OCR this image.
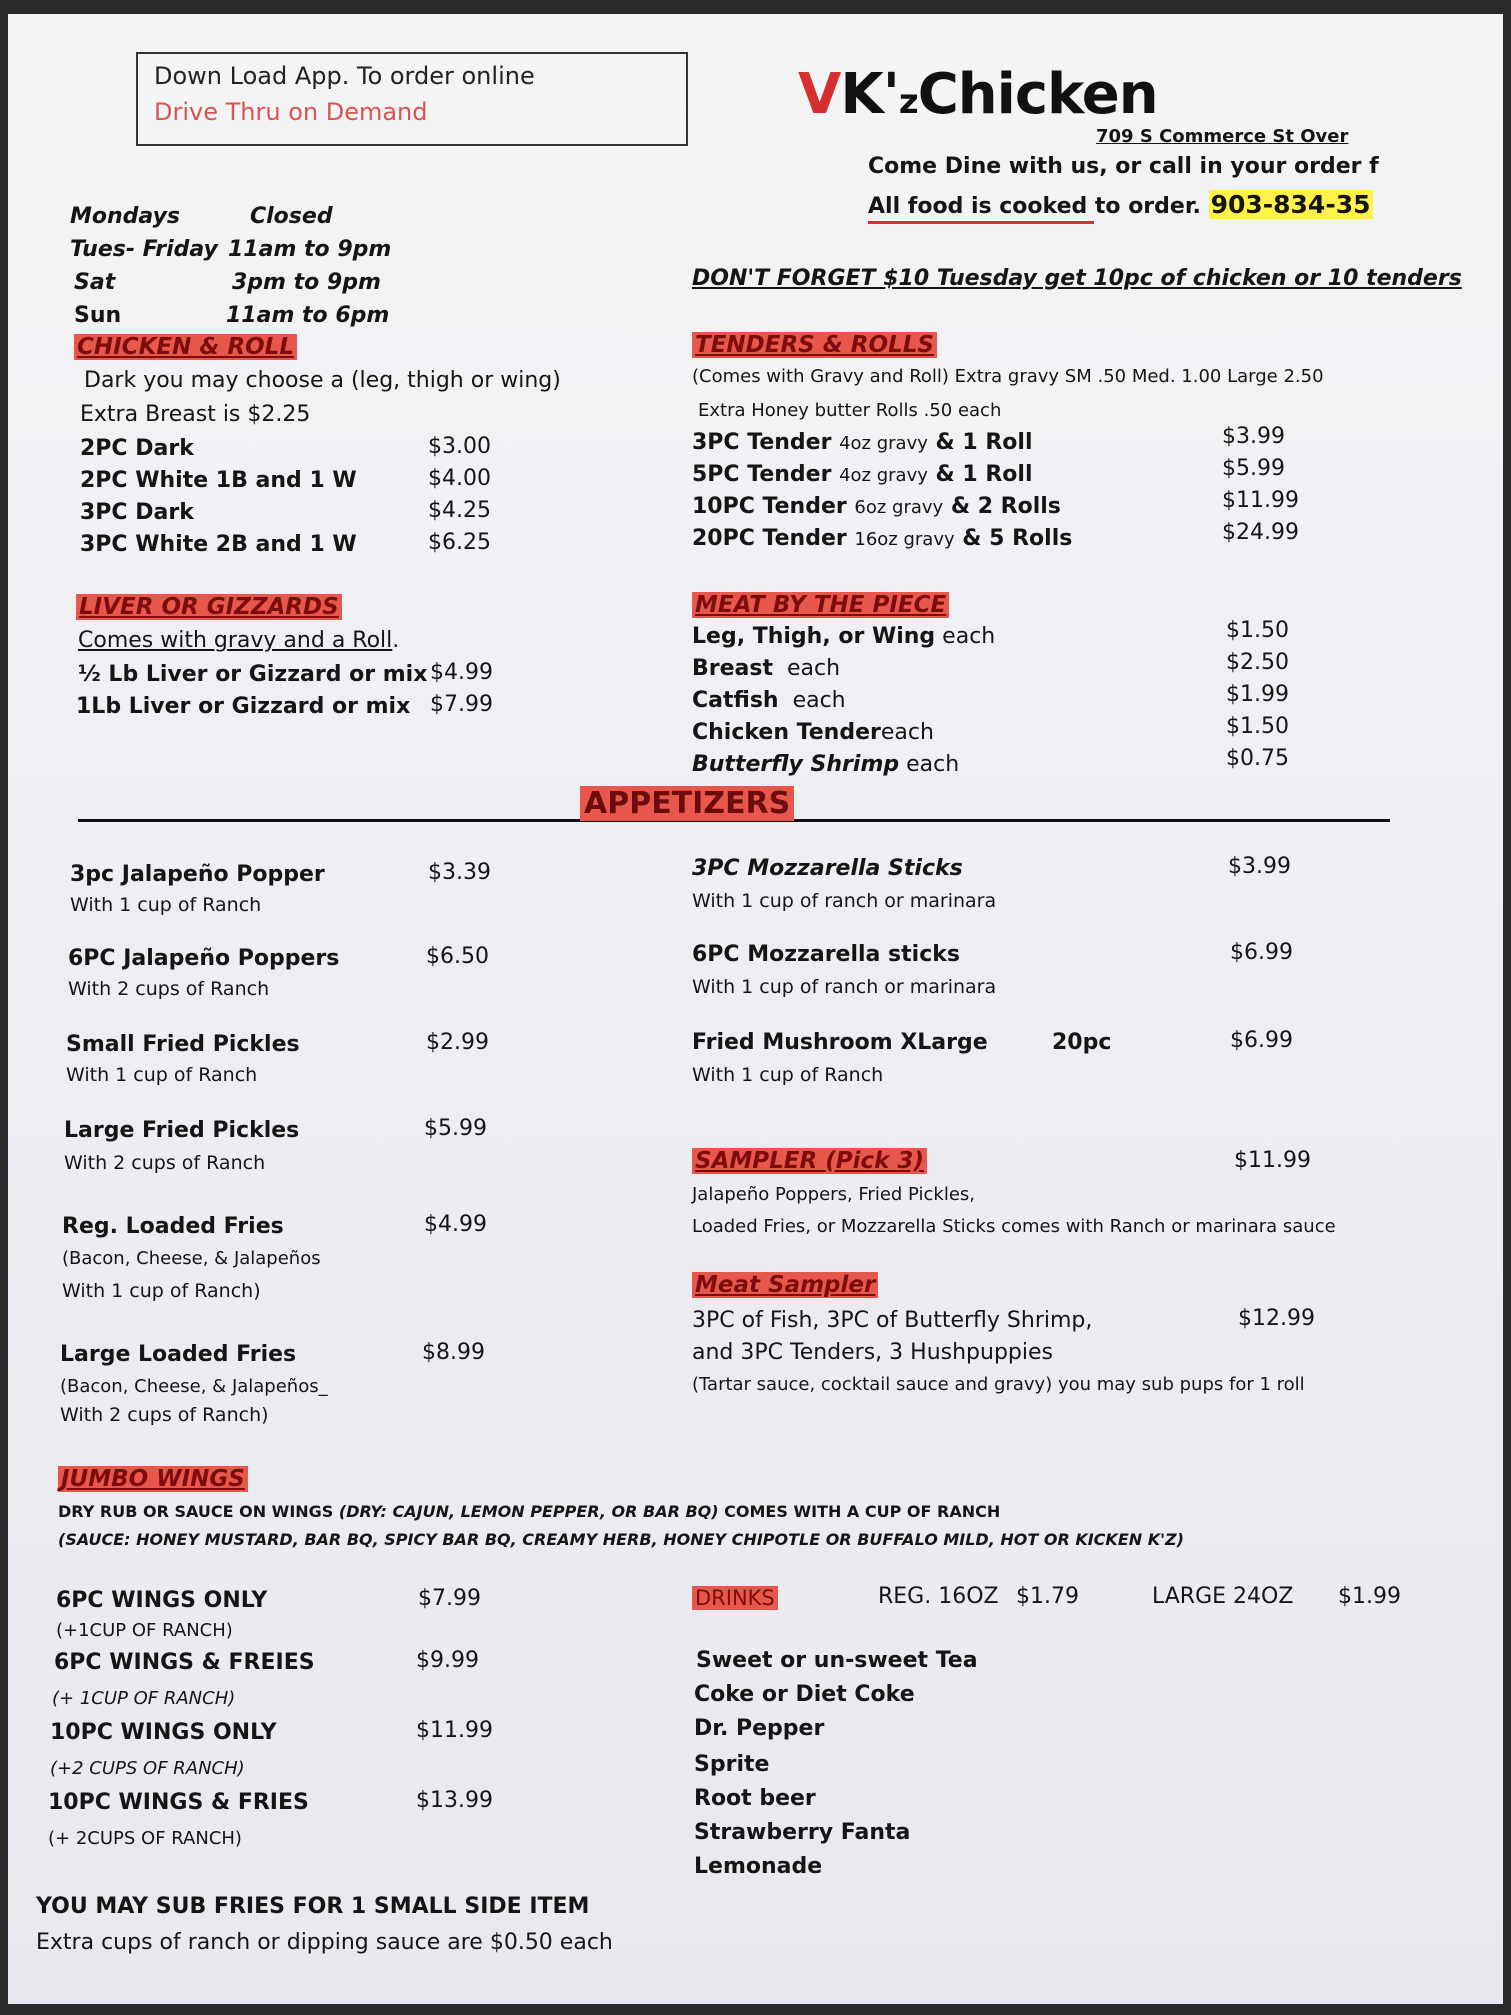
Down Load App. To order online
Drive Thru on Demand	VK'zChicken
709 S Commerce St Over
Come Dine with us, or call in your order f
All food is cooked to order. 903-834-35
Mondays	Closed
Tues- Friday 11am to 9pm
Sat	3pm to 9pm
Sun	11am to 6pm
DON'T FORGET $10 Tuesday get 10pc of chicken or 10 tenders
CHICKEN & ROLL
Dark you may choose a (leg, thigh or wing)
Extra Breast is $2.25
2PC Dark	$3.00
2PC White 1B and 1 W	$4.00
3PC Dark	$4.25
3PC White 2B and 1 W	$6.25
LIVER OR GIZZARDS
Comes with gravy and a Roll.
½ Lb Liver or Gizzard or mix $4.99
1Lb Liver or Gizzard or mix $7.99
TENDERS & ROLLS
(Comes with Gravy and Roll) Extra gravy SM .50 Med. 1.00 Large 2.50
Extra Honey butter Rolls .50 each
3PC Tender 4oz gravy & 1 Roll	$3.99
5PC Tender 4oz gravy & 1 Roll	$5.99
10PC Tender 6oz gravy & 2 Rolls	$11.99
20PC Tender 16oz gravy & 5 Rolls	$24.99
MEAT BY THE PIECE
Leg, Thigh, or Wing each	$1.50
Breast  each	$2.50
Catfish  each	$1.99
Chicken Tendereach	$1.50
Butterfly Shrimp each	$0.75
APPETIZERS
3pc Jalapeño Popper
With 1 cup of Ranch
$3.39
6PC Jalapeño Poppers
With 2 cups of Ranch
$6.50
Small Fried Pickles
With 1 cup of Ranch
$2.99
Large Fried Pickles
With 2 cups of Ranch
$5.99
Reg. Loaded Fries
(Bacon, Cheese, & Jalapeños
With 1 cup of Ranch)
$4.99
Large Loaded Fries
(Bacon, Cheese, & Jalapeños_
With 2 cups of Ranch)
$8.99
3PC Mozzarella Sticks
With 1 cup of ranch or marinara
$3.99
6PC Mozzarella sticks
With 1 cup of ranch or marinara
$6.99
Fried Mushroom XLarge	20pc
With 1 cup of Ranch
$6.99
SAMPLER (Pick 3)	$11.99
Jalapeño Poppers, Fried Pickles,
Loaded Fries, or Mozzarella Sticks comes with Ranch or marinara sauce
Meat Sampler
3PC of Fish, 3PC of Butterfly Shrimp,	$12.99
and 3PC Tenders, 3 Hushpuppies
(Tartar sauce, cocktail sauce and gravy) you may sub pups for 1 roll
JUMBO WINGS
DRY RUB OR SAUCE ON WINGS (DRY: CAJUN, LEMON PEPPER, OR BAR BQ) COMES WITH A CUP OF RANCH
(SAUCE: HONEY MUSTARD, BAR BQ, SPICY BAR BQ, CREAMY HERB, HONEY CHIPOTLE OR BUFFALO MILD, HOT OR KICKEN K'Z)
6PC WINGS ONLY
(+1CUP OF RANCH)
$7.99
6PC WINGS & FREIES
(+ 1CUP OF RANCH)
$9.99
10PC WINGS ONLY
(+2 CUPS OF RANCH)
$11.99
10PC WINGS & FRIES
(+ 2CUPS OF RANCH)
$13.99
DRINKS	REG. 16OZ $1.79	LARGE 24OZ $1.99
Sweet or un-sweet Tea
Coke or Diet Coke
Dr. Pepper
Sprite
Root beer
Strawberry Fanta
Lemonade
YOU MAY SUB FRIES FOR 1 SMALL SIDE ITEM
Extra cups of ranch or dipping sauce are $0.50 each
